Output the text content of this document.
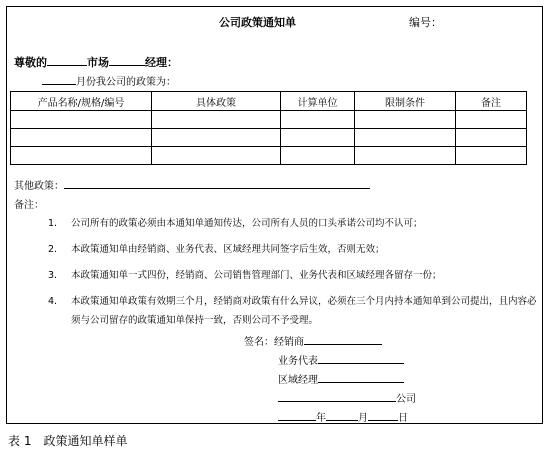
公司政策通知单	编号：
尊敬的	市场	经理：
月份我公司的政策为：
产品名称/规格/编号	具体政策	计算单位	限制条件	备注

其他政策：
备注：
1.	公司所有的政策必须由本通知单通知传达，公司所有人员的口头承诺公司均不认可；
2.	本政策通知单由经销商、业务代表、区域经理共同签字后生效，否则无效；
3.	本政策通知单一式四份，经销商、公司销售管理部门、业务代表和区域经理各留存一份；
4.	本政策通知单政策有效期三个月，经销商对政策有什么异议，必须在三个月内持本通知单到公司提出，且内容必须与公司留存的政策通知单保持一致，否则公司不予受理。
签名：经销商
业务代表
区域经理
公司
年	月	日
表 1　政策通知单样单
